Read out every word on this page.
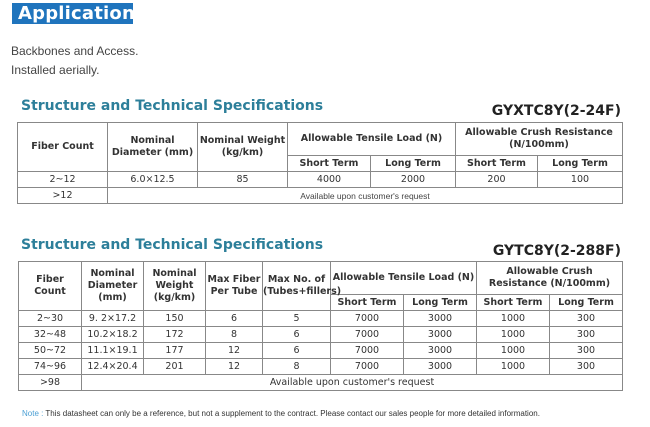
Applications
Backbones and Access.
Installed aerially.
Structure and Technical Specifications	GYXTC8Y(2-24F)
Fiber Count	Nominal Diameter (mm)	Nominal Weight (kg/km)	Allowable Tensile Load (N)		Allowable Crush Resistance (N/100mm)	
			Short Term	Long Term	Short Term	Long Term
2~12	6.0×12.5	85	4000	2000	200	100
>12	Available upon customer's request					
Structure and Technical Specifications	GYTC8Y(2-288F)
Fiber Count	Nominal Diameter (mm)	Nominal Weight (kg/km)	Max Fiber Per Tube	Max No. of (Tubes+fillers)	Allowable Tensile Load (N)		Allowable Crush Resistance (N/100mm)	
					Short Term	Long Term	Short Term	Long Term
2~30	9. 2×17.2	150	6	5	7000	3000	1000	300
32~48	10.2×18.2	172	8	6	7000	3000	1000	300
50~72	11.1×19.1	177	12	6	7000	3000	1000	300
74~96	12.4×20.4	201	12	8	7000	3000	1000	300
>98	Available upon customer's request							
Note : This datasheet can only be a reference, but not a supplement to the contract. Please contact our sales people for more detailed information.
